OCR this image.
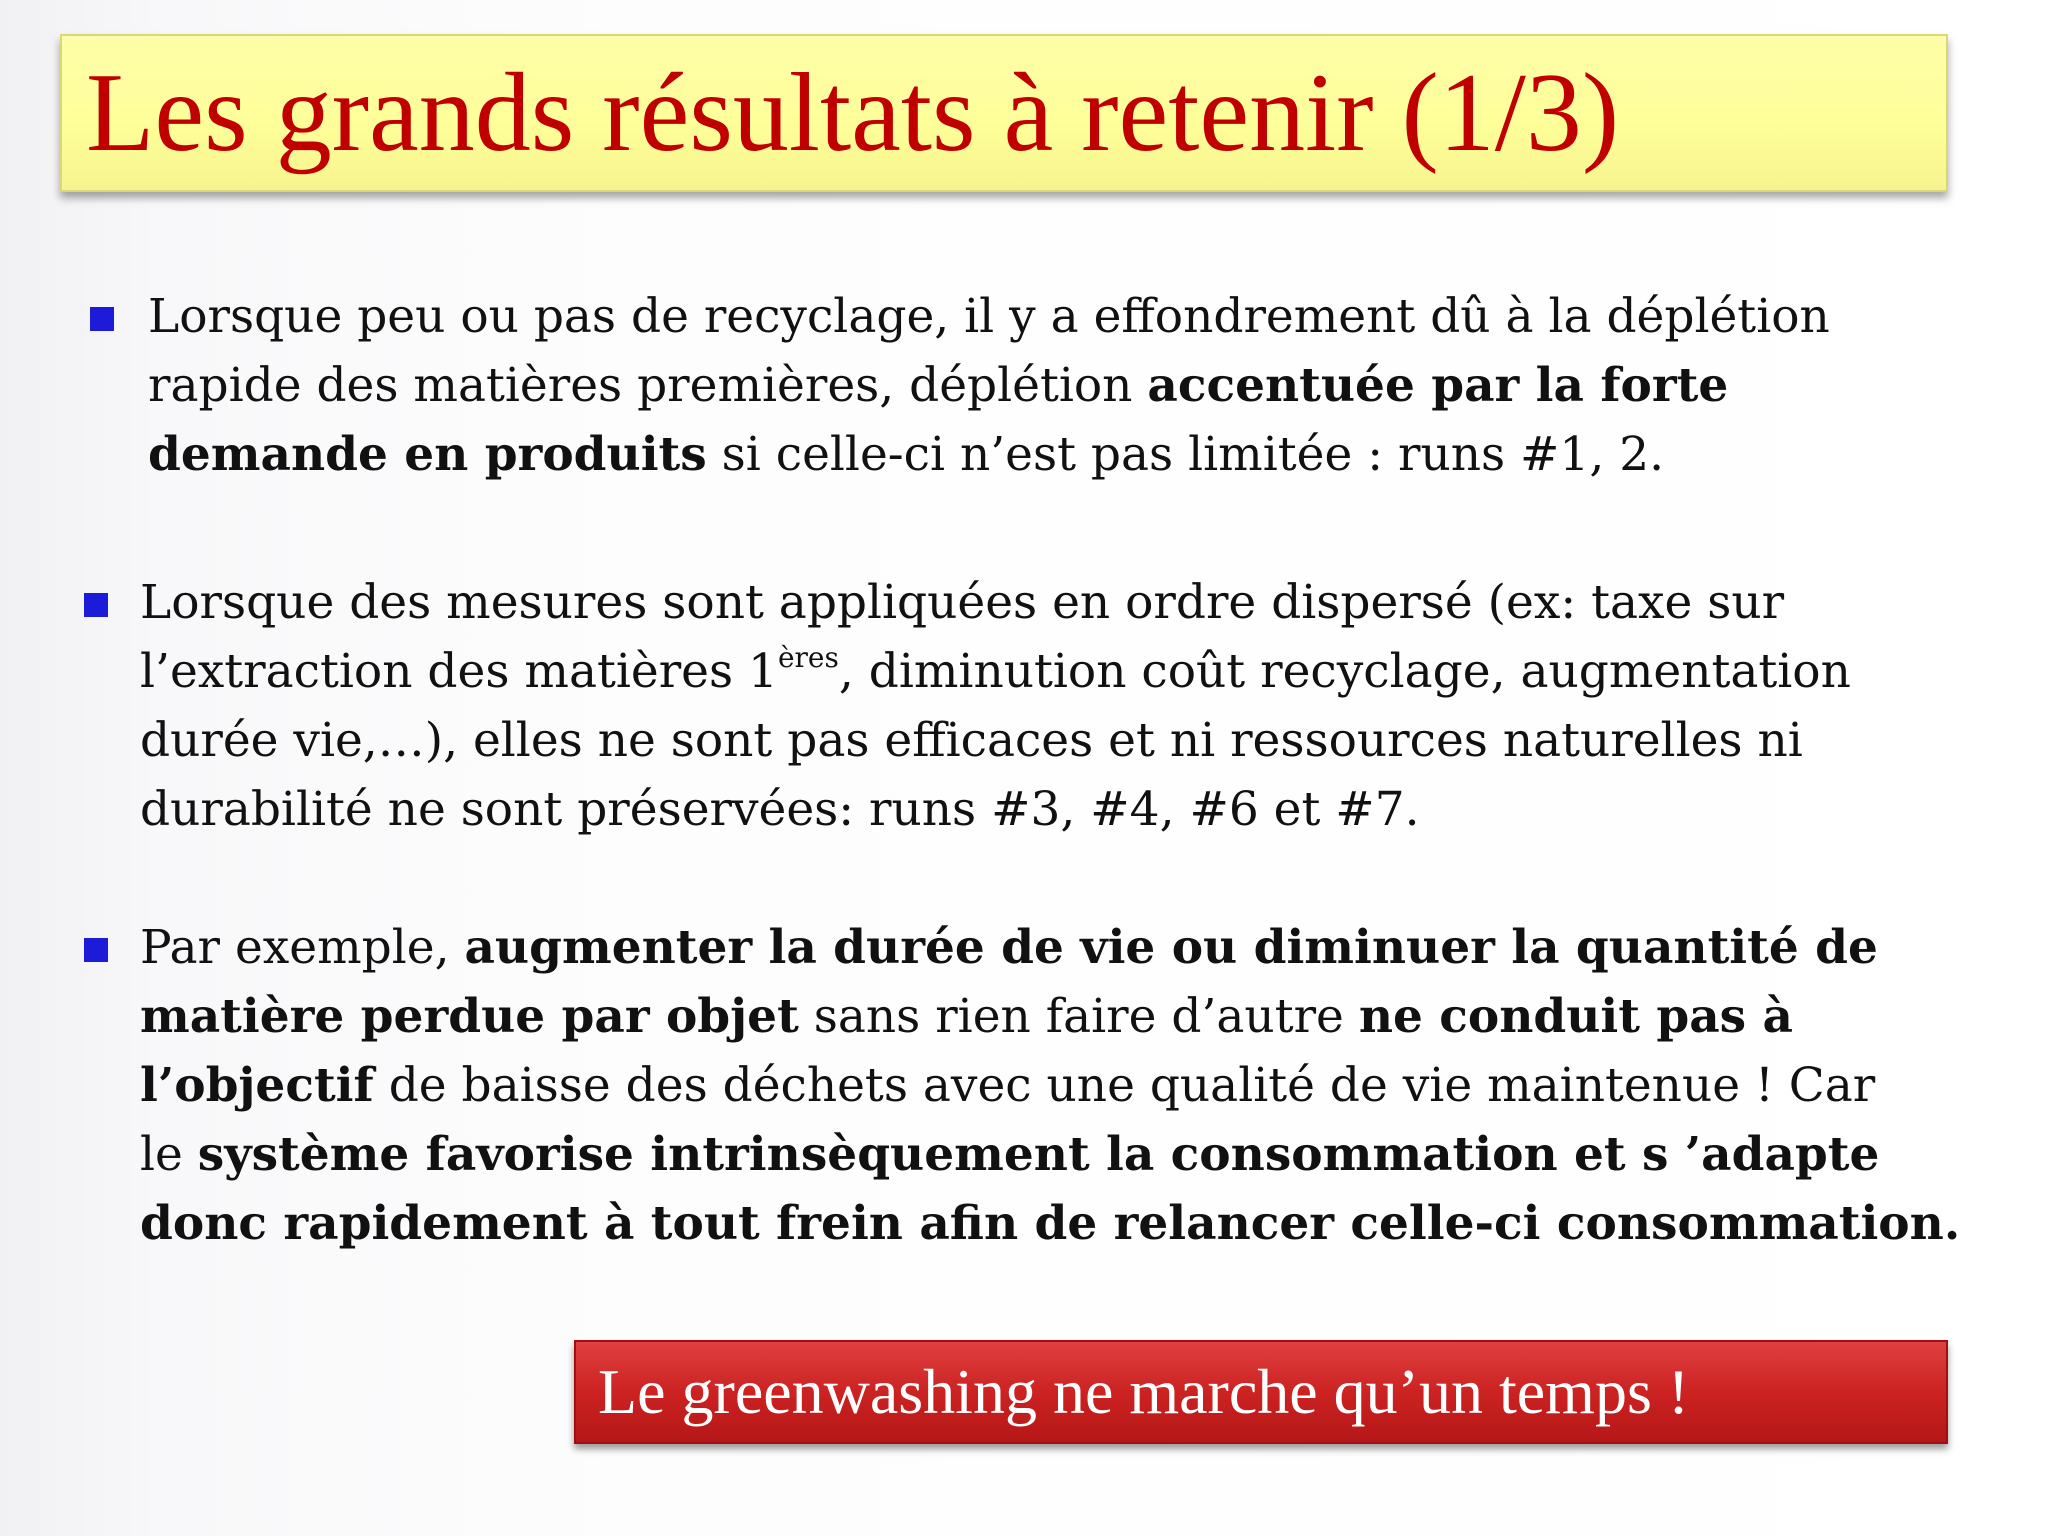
Les grands résultats à retenir (1/3)
Lorsque peu ou pas de recyclage, il y a effondrement dû à la déplétion
rapide des matières premières, déplétion accentuée par la forte
demande en produits si celle-ci n’est pas limitée : runs #1, 2.
Lorsque des mesures sont appliquées en ordre dispersé (ex: taxe sur
l’extraction des matières 1ères, diminution coût recyclage, augmentation
durée vie,…), elles ne sont pas efficaces et ni ressources naturelles ni
durabilité ne sont préservées: runs #3, #4, #6 et #7.
Par exemple, augmenter la durée de vie ou diminuer la quantité de
matière perdue par objet sans rien faire d’autre ne conduit pas à
l’objectif de baisse des déchets avec une qualité de vie maintenue ! Car
le système favorise intrinsèquement la consommation et s ’adapte
donc rapidement à tout frein afin de relancer celle-ci consommation.
Le greenwashing ne marche qu’un temps !
